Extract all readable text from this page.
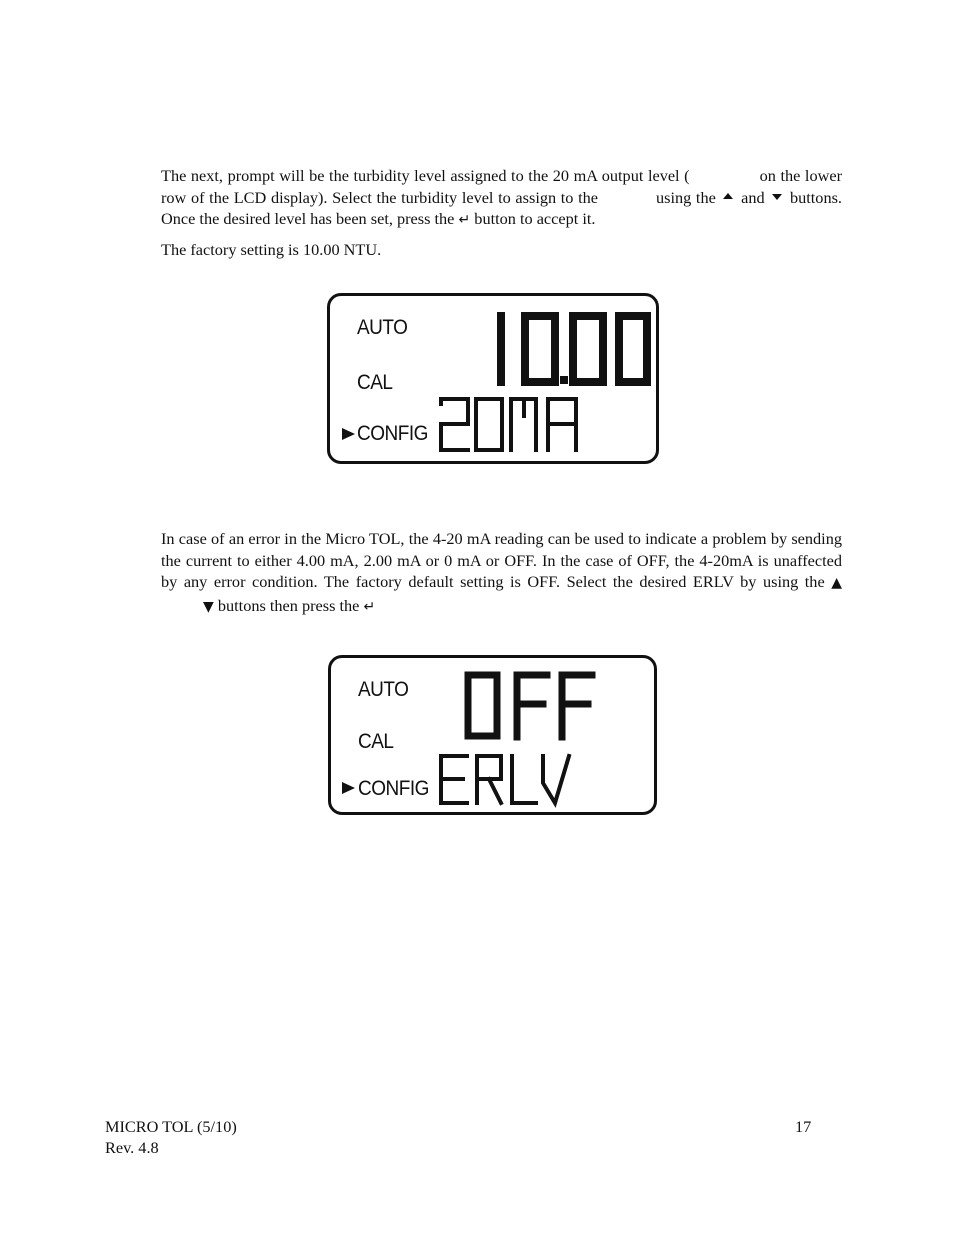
The next, prompt will be the turbidity level assigned to the 20 mA output level (	on the lower row of the LCD display). Select the turbidity level to assign to the	using the and buttons. Once the desired level has been set, press the ↵ button to accept it.

The factory setting is 10.00 NTU.

AUTO
CAL
CONFIG

In case of an error in the Micro TOL, the 4-20 mA reading can be used to indicate a problem by sending the current to either 4.00 mA, 2.00 mA or 0 mA or OFF. In the case of OFF, the 4-20mA is unaffected by any error condition. The factory default setting is OFF. Select the desired ERLV by using the ▲▼ buttons then press the ↵

AUTO
CAL
CONFIG
MICRO TOL (5/10)
Rev. 4.8
17
